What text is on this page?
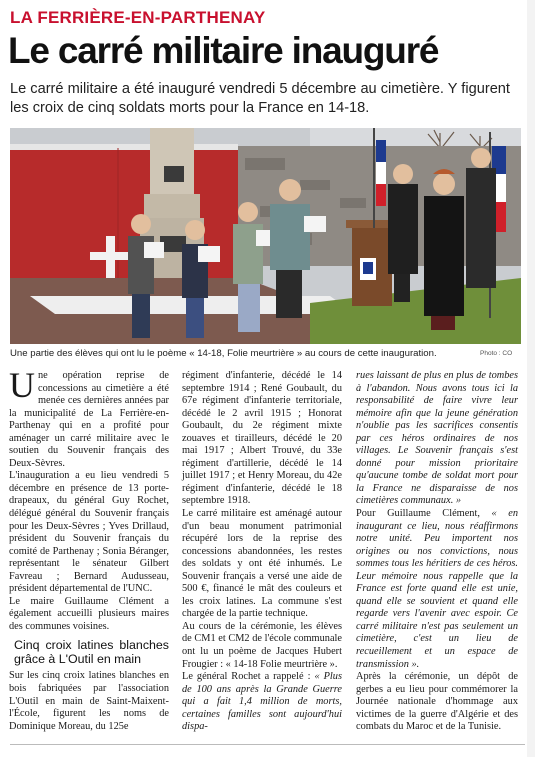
LA FERRIÈRE-EN-PARTHENAY
Le carré militaire inauguré
Le carré militaire a été inauguré vendredi 5 décembre au cimetière. Y figurent les croix de cinq soldats morts pour la France en 14-18.
Une partie des élèves qui ont lu le poème « 14-18, Folie meurtrière » au cours de cette inauguration.	Photo : CO

Une opération reprise de concessions au cimetière a été menée ces dernières années par la municipalité de La Ferrière-en-Parthenay qui en a profité pour aménager un carré militaire avec le soutien du Souvenir français des Deux-Sèvres.

L'inauguration a eu lieu vendredi 5 décembre en présence de 13 porte-drapeaux, du général Guy Rochet, délégué général du Souvenir français pour les Deux-Sèvres ; Yves Drillaud, président du Souvenir français du comité de Parthenay ; Sonia Béranger, représentant le sénateur Gilbert Favreau ; Bernard Audusseau, président départemental de l'UNC.

Le maire Guillaume Clément a également accueilli plusieurs maires des communes voisines.

Cinq croix latines blanches grâce à L'Outil en main

Sur les cinq croix latines blanches en bois fabriquées par l'association L'Outil en main de Saint-Maixent-l'École, figurent les noms de Dominique Moreau, du 125e

régiment d'infanterie, décédé le 14 septembre 1914 ; René Goubault, du 67e régiment d'infanterie territoriale, décédé le 2 avril 1915 ; Honorat Goubault, du 2e régiment mixte zouaves et tirailleurs, décédé le 20 mai 1917 ; Albert Trouvé, du 33e régiment d'artillerie, décédé le 14 juillet 1917 ; et Henry Moreau, du 42e régiment d'infanterie, décédé le 18 septembre 1918.

Le carré militaire est aménagé autour d'un beau monument patrimonial récupéré lors de la reprise des concessions abandonnées, les restes des soldats y ont été inhumés. Le Souvenir français a versé une aide de 500 €, financé le mât des couleurs et les croix latines. La commune s'est chargée de la partie technique.

Au cours de la cérémonie, les élèves de CM1 et CM2 de l'école communale ont lu un poème de Jacques Hubert Frougier : « 14-18 Folie meurtrière ».

Le général Rochet a rappelé : « Plus de 100 ans après la Grande Guerre qui a fait 1,4 million de morts, certaines familles sont aujourd'hui dispa-

rues laissant de plus en plus de tombes à l'abandon. Nous avons tous ici la responsabilité de faire vivre leur mémoire afin que la jeune génération n'oublie pas les sacrifices consentis par ces héros ordinaires de nos villages. Le Souvenir français s'est donné pour mission prioritaire qu'aucune tombe de soldat mort pour la France ne disparaisse de nos cimetières communaux. »

Pour Guillaume Clément, « en inaugurant ce lieu, nous réaffirmons notre unité. Peu importent nos origines ou nos convictions, nous sommes tous les héritiers de ces héros. Leur mémoire nous rappelle que la France est forte quand elle est unie, quand elle se souvient et quand elle regarde vers l'avenir avec espoir. Ce carré militaire n'est pas seulement un cimetière, c'est un lieu de recueillement et un espace de transmission ».

Après la cérémonie, un dépôt de gerbes a eu lieu pour commémorer la Journée nationale d'hommage aux victimes de la guerre d'Algérie et des combats du Maroc et de la Tunisie.
